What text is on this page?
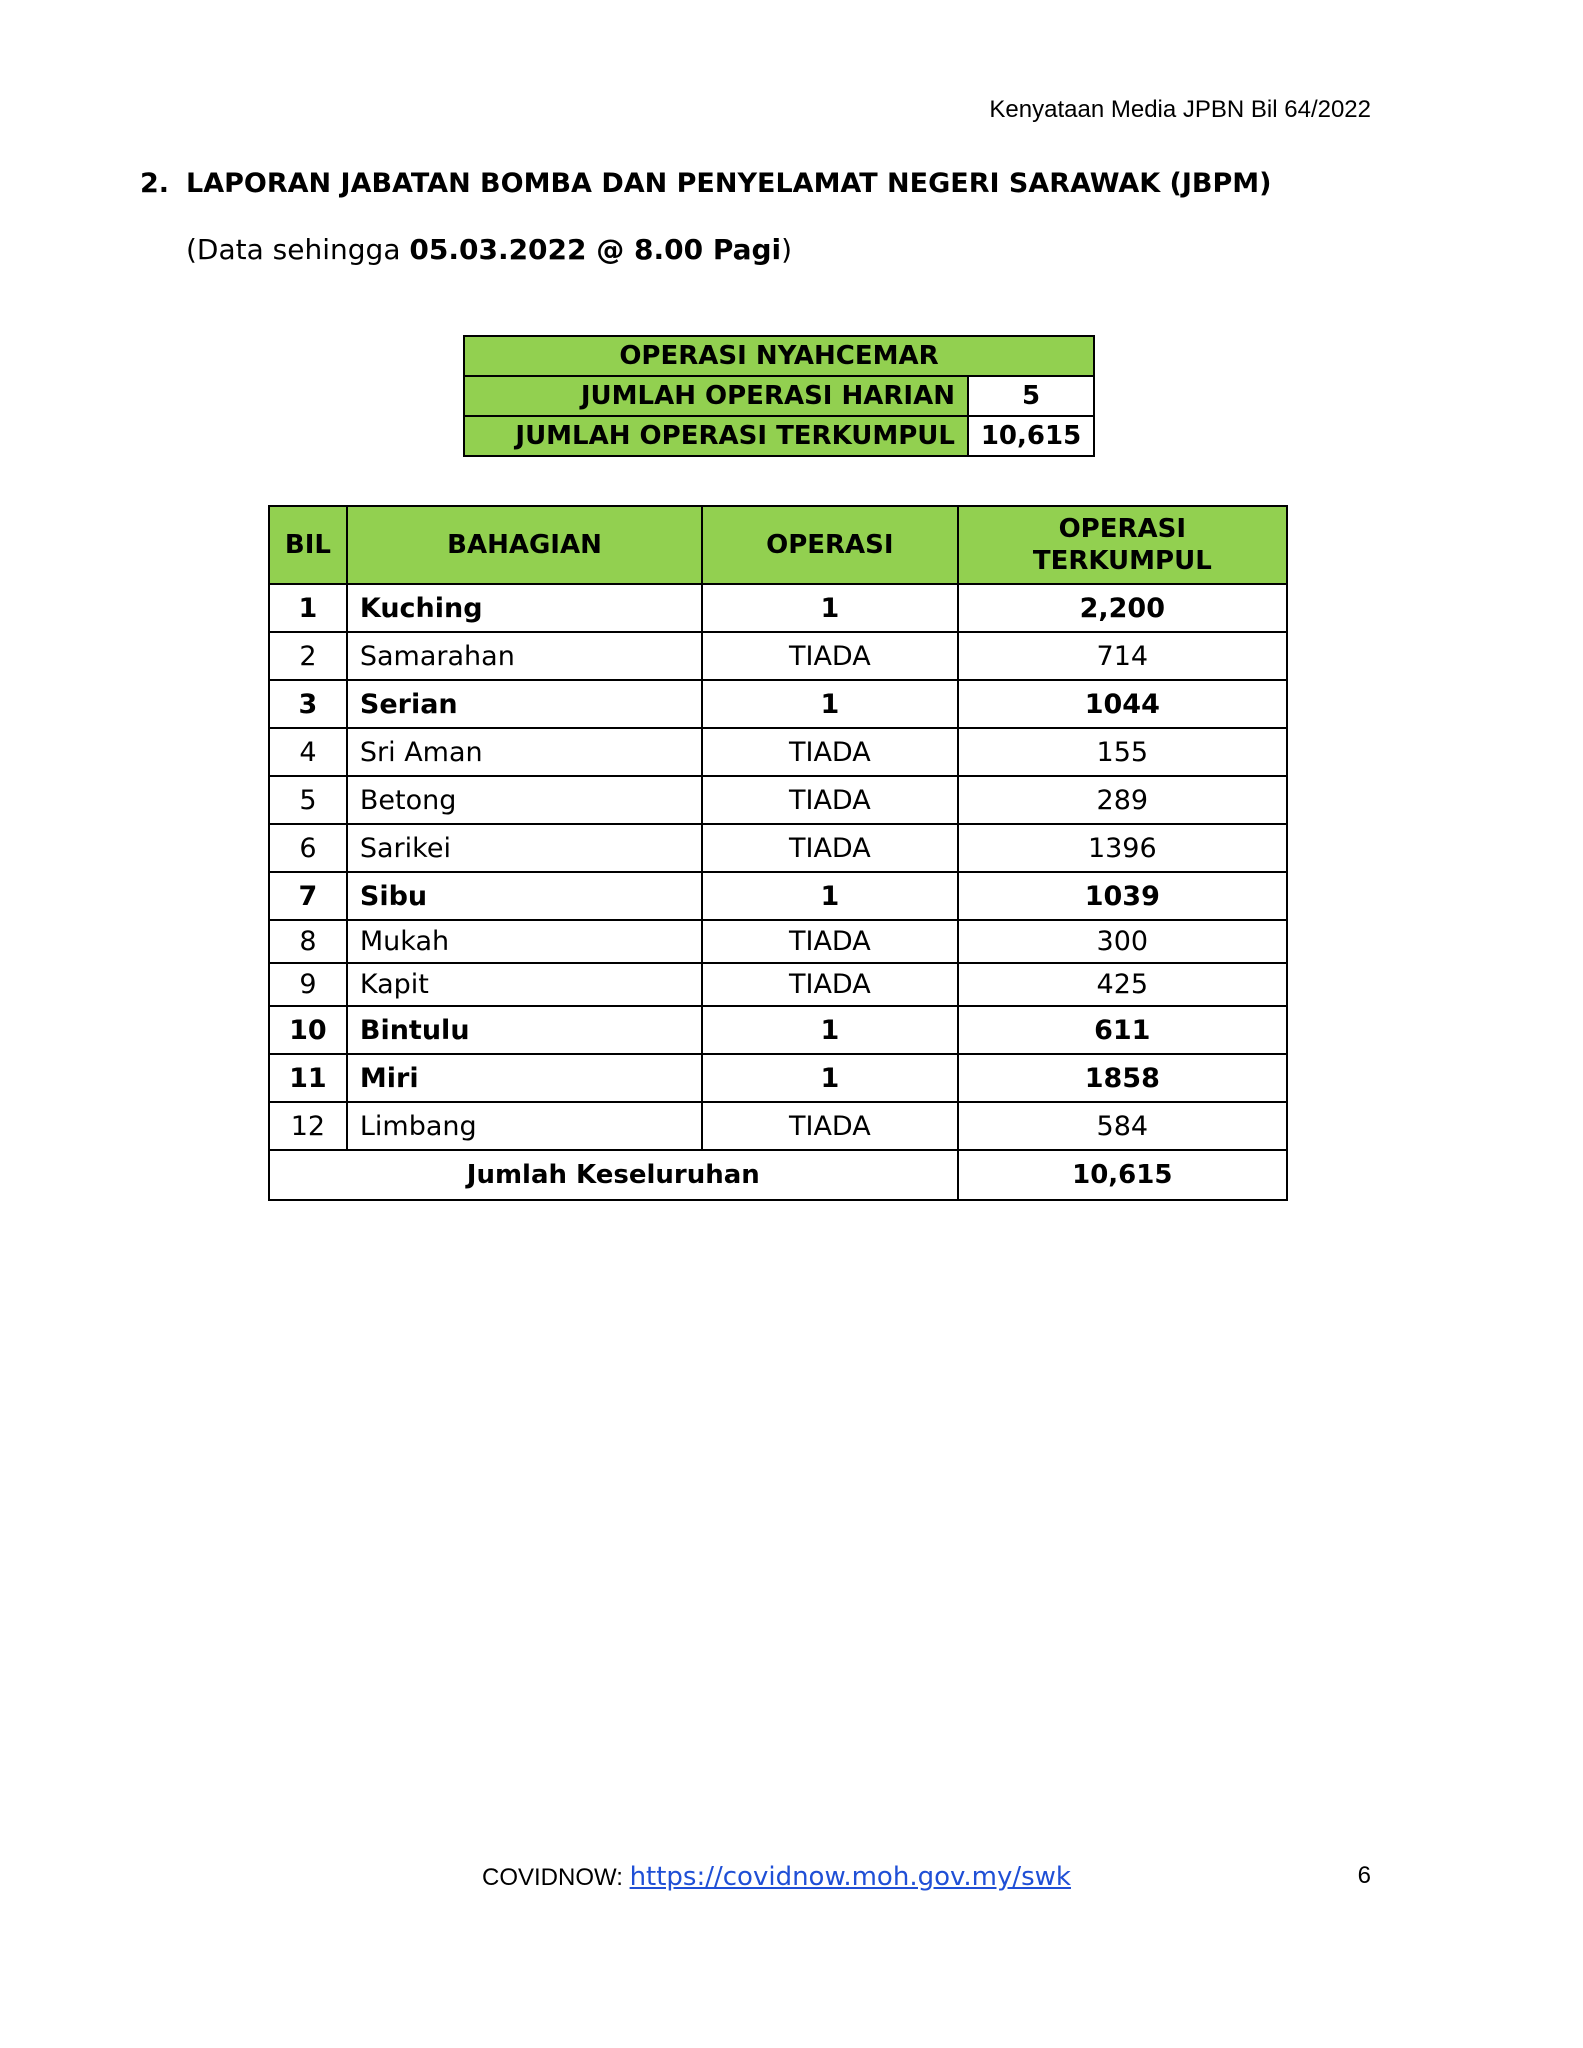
Kenyataan Media JPBN Bil 64/2022
2. LAPORAN JABATAN BOMBA DAN PENYELAMAT NEGERI SARAWAK (JBPM)
(Data sehingga 05.03.2022 @ 8.00 Pagi)
OPERASI NYAHCEMAR	
JUMLAH OPERASI HARIAN	5
JUMLAH OPERASI TERKUMPUL	10,615
BIL	BAHAGIAN	OPERASI	OPERASI
TERKUMPUL
1	Kuching	1	2,200
2	Samarahan	TIADA	714
3	Serian	1	1044
4	Sri Aman	TIADA	155
5	Betong	TIADA	289
6	Sarikei	TIADA	1396
7	Sibu	1	1039
8	Mukah	TIADA	300
9	Kapit	TIADA	425
10	Bintulu	1	611
11	Miri	1	1858
12	Limbang	TIADA	584
Jumlah Keseluruhan			10,615
COVIDNOW: https://covidnow.moh.gov.my/swk	6
